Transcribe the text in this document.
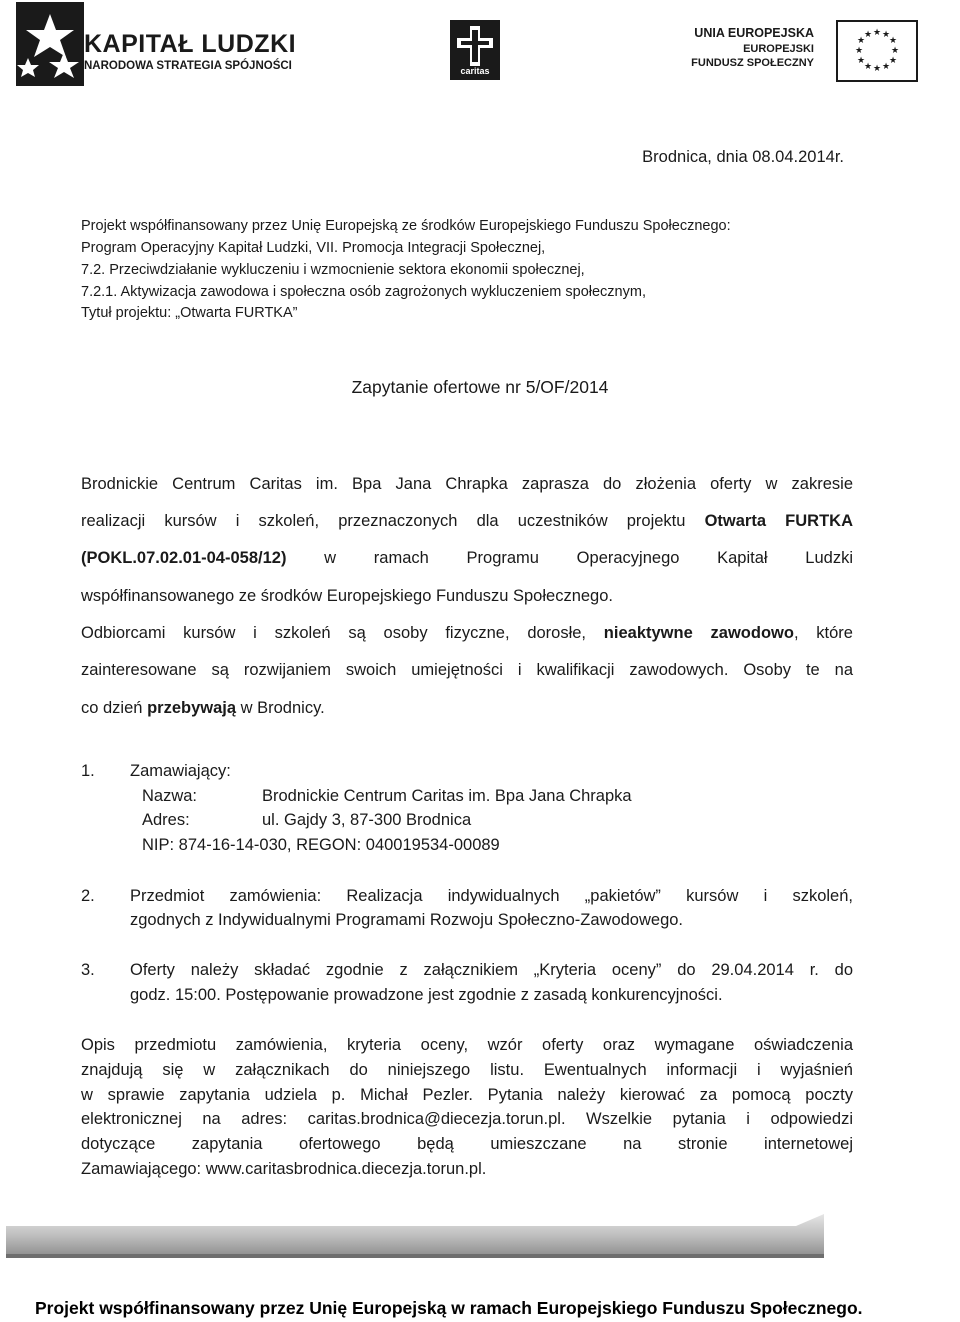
KAPITAŁ LUDZKI
NARODOWA STRATEGIA SPÓJNOŚCI	caritas
UNIA EUROPEJSKA
EUROPEJSKI
FUNDUSZ SPOŁECZNY
★ ★
★
★
★
★
★
★
★
★
★
★
Brodnica, dnia 08.04.2014r.
Projekt współfinansowany przez Unię Europejską ze środków Europejskiego Funduszu Społecznego:
Program Operacyjny Kapitał Ludzki, VII. Promocja Integracji Społecznej,
7.2. Przeciwdziałanie wykluczeniu i wzmocnienie sektora ekonomii społecznej,
7.2.1. Aktywizacja zawodowa i społeczna osób zagrożonych wykluczeniem społecznym,
Tytuł projektu: „Otwarta FURTKA”
Zapytanie ofertowe nr 5/OF/2014
Brodnickie Centrum Caritas im. Bpa Jana Chrapka zaprasza do złożenia oferty w zakresie
realizacji kursów i szkoleń, przeznaczonych dla uczestników projektu Otwarta FURTKA
(POKL.07.02.01-04-058/12) w ramach Programu Operacyjnego Kapitał Ludzki
współfinansowanego ze środków Europejskiego Funduszu Społecznego.
Odbiorcami kursów i szkoleń są osoby fizyczne, dorosłe, nieaktywne zawodowo, które
zainteresowane są rozwijaniem swoich umiejętności i kwalifikacji zawodowych. Osoby te na
co dzień przebywają w Brodnicy.
1. Zamawiający:
Nazwa:	Brodnickie Centrum Caritas im. Bpa Jana Chrapka
Adres:	ul. Gajdy 3, 87-300 Brodnica
NIP: 874-16-14-030, REGON: 040019534-00089
2. Przedmiot zamówienia: Realizacja indywidualnych „pakietów” kursów i szkoleń,
zgodnych z Indywidualnymi Programami Rozwoju Społeczno-Zawodowego.
3. Oferty należy składać zgodnie z załącznikiem „Kryteria oceny” do 29.04.2014 r. do
godz. 15:00. Postępowanie prowadzone jest zgodnie z zasadą konkurencyjności.
Opis przedmiotu zamówienia, kryteria oceny, wzór oferty oraz wymagane oświadczenia
znajdują się w załącznikach do niniejszego listu. Ewentualnych informacji i wyjaśnień
w sprawie zapytania udziela p. Michał Pezler. Pytania należy kierować za pomocą poczty
elektronicznej na adres: caritas.brodnica@diecezja.torun.pl. Wszelkie pytania i odpowiedzi
dotyczące zapytania ofertowego będą umieszczane na stronie internetowej
Zamawiającego: www.caritasbrodnica.diecezja.torun.pl.
Projekt współfinansowany przez Unię Europejską w ramach Europejskiego Funduszu Społecznego.
